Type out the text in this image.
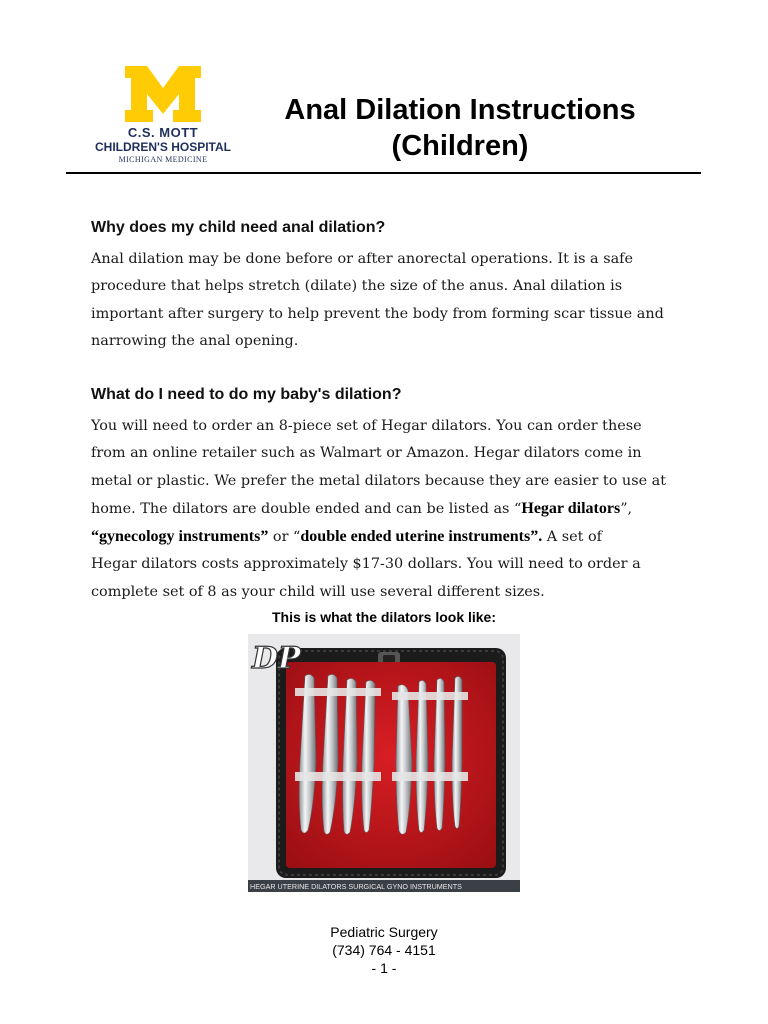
C.S. MOTT
CHILDREN'S HOSPITAL
MICHIGAN MEDICINE
Anal Dilation Instructions
(Children)
Why does my child need anal dilation?
Anal dilation may be done before or after anorectal operations. It is a safe
procedure that helps stretch (dilate) the size of the anus. Anal dilation is
important after surgery to help prevent the body from forming scar tissue and
narrowing the anal opening.
What do I need to do my baby's dilation?
You will need to order an 8-piece set of Hegar dilators. You can order these
from an online retailer such as Walmart or Amazon. Hegar dilators come in
metal or plastic. We prefer the metal dilators because they are easier to use at
home. The dilators are double ended and can be listed as “Hegar dilators”,
“gynecology instruments” or “double ended uterine instruments”. A set of
Hegar dilators costs approximately $17-30 dollars. You will need to order a
complete set of 8 as your child will use several different sizes.
This is what the dilators look like:
DP
HEGAR UTERINE DILATORS SURGICAL GYNO INSTRUMENTS
Pediatric Surgery
(734) 764 - 4151
- 1 -
